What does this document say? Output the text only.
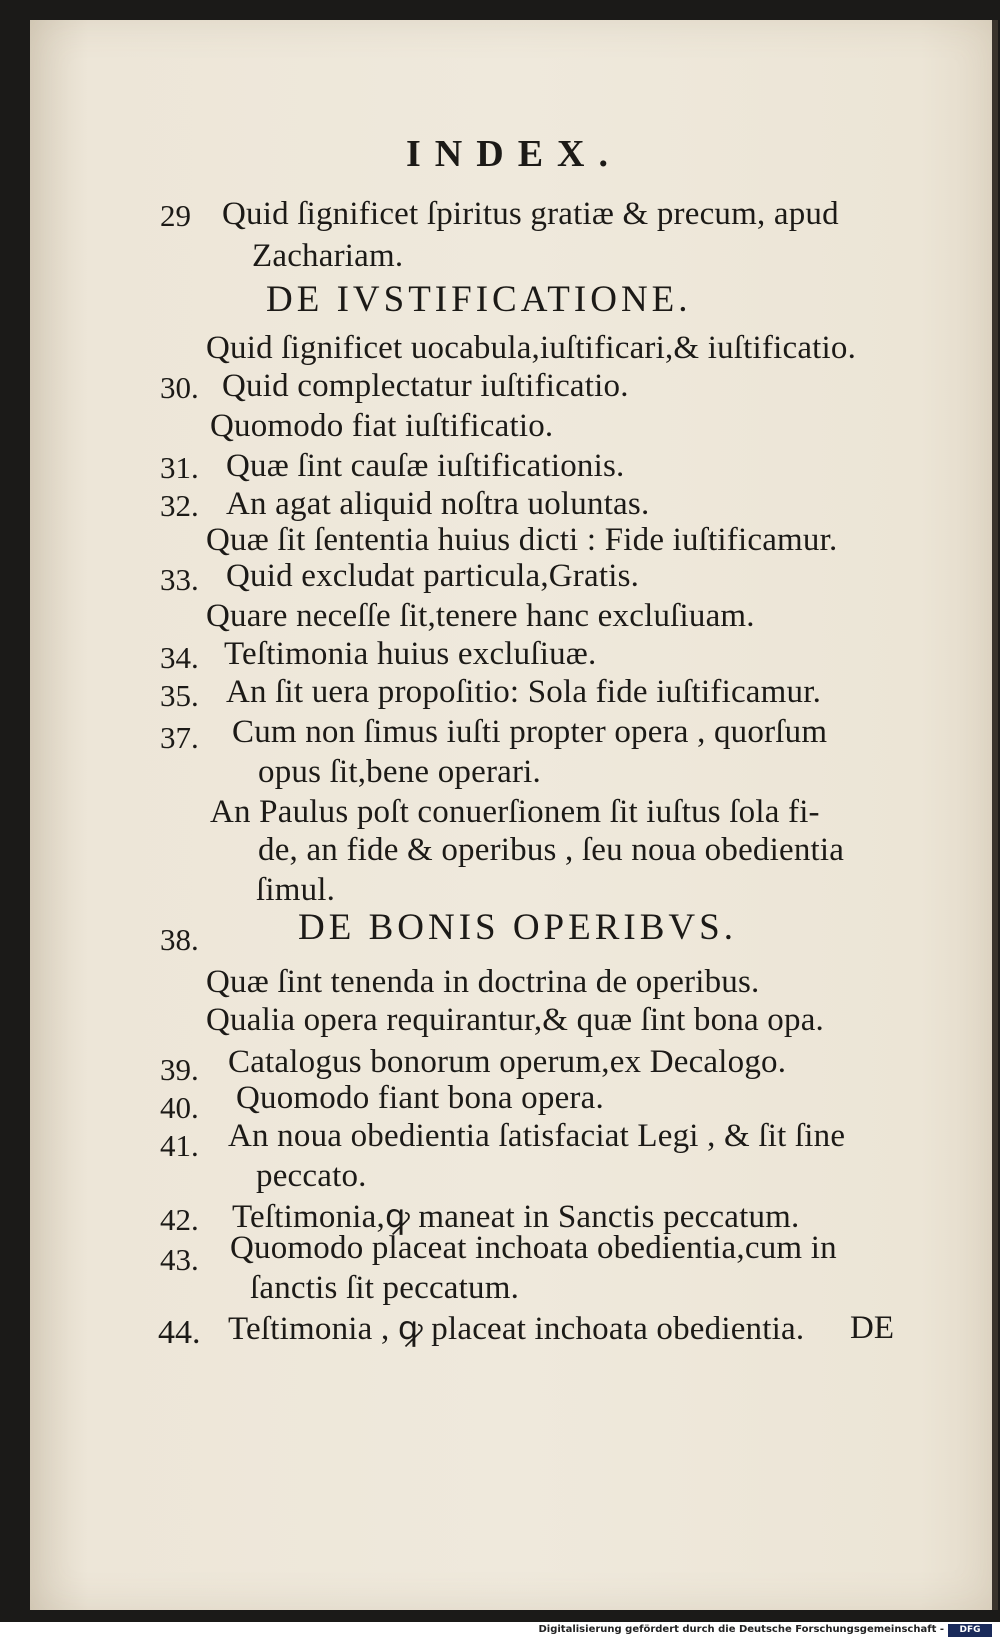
INDEX.
29 Quid ſignificet ſpiritus gratiæ & precum, apud
Zachariam.
DE IVSTIFICATIONE.
Quid ſignificet uocabula,iuſtificari,& iuſtificatio.
30. Quid complectatur iuſtificatio.
Quomodo fiat iuſtificatio.
31. Quæ ſint cauſæ iuſtificationis.
32. An agat aliquid noſtra uoluntas.
Quæ ſit ſententia huius dicti : Fide iuſtificamur.
33. Quid excludat particula,Gratis.
Quare neceſſe ſit,tenere hanc excluſiuam.
34. Teſtimonia huius excluſiuæ.
35. An ſit uera propoſitio: Sola fide iuſtificamur.
37. Cum non ſimus iuſti propter opera , quorſum
opus ſit,bene operari.
An Paulus poſt conuerſionem ſit iuſtus ſola fi-
de, an fide & operibus , ſeu noua obedientia
ſimul.
38.	DE BONIS OPERIBVS.
Quæ ſint tenenda in doctrina de operibus.
Qualia opera requirantur,& quæ ſint bona opa.
39. Catalogus bonorum operum,ex Decalogo.
40. Quomodo fiant bona opera.
41. An noua obedientia ſatisfaciat Legi , & ſit ſine
peccato.
42. Teſtimonia,ꝙ maneat in Sanctis peccatum.
43. Quomodo placeat inchoata obedientia,cum in
ſanctis ſit peccatum.
44. Teſtimonia , ꝙ placeat inchoata obedientia. DE
Digitalisierung gefördert durch die Deutsche Forschungsgemeinschaft -	DFG
